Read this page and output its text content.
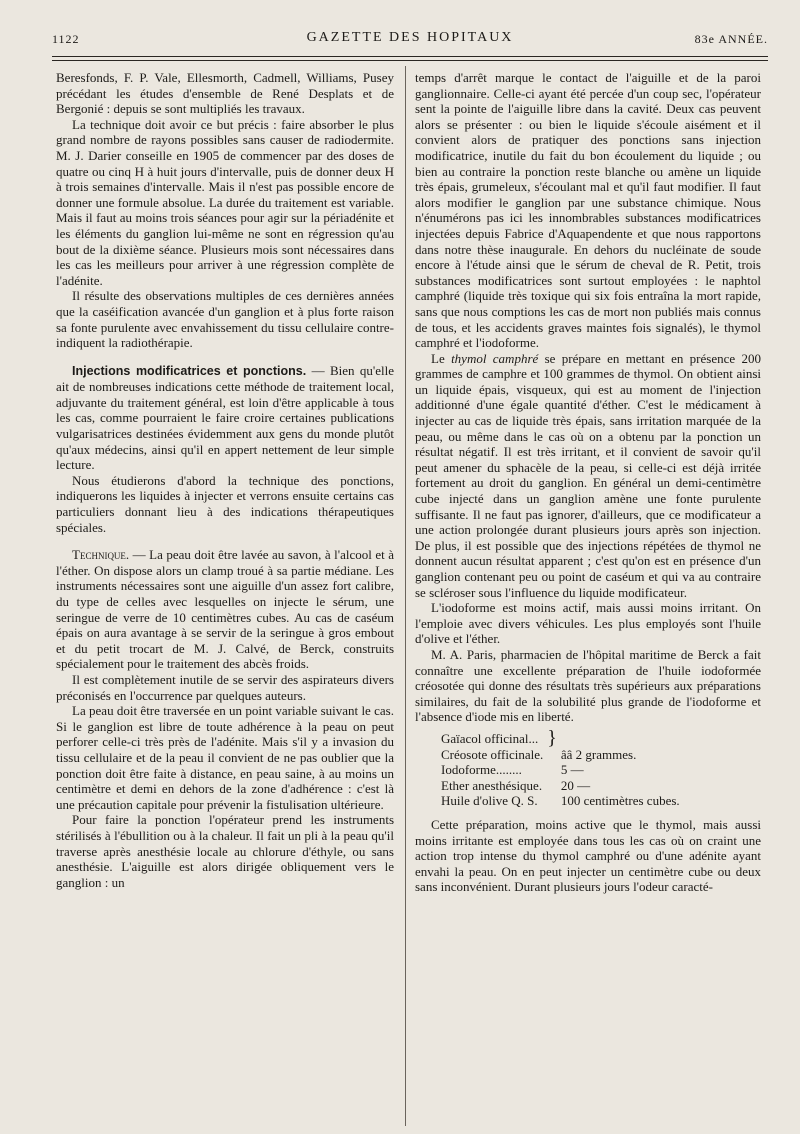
1122	GAZETTE DES HOPITAUX	83e ANNÉE.

Beresfonds, F. P. Vale, Ellesmorth, Cadmell, Williams, Pusey précédant les études d'ensemble de René Desplats et de Bergonié : depuis se sont multipliés les travaux.

La technique doit avoir ce but précis : faire absorber le plus grand nombre de rayons possibles sans causer de radiodermite. M. J. Darier conseille en 1905 de commencer par des doses de quatre ou cinq H à huit jours d'intervalle, puis de donner deux H à trois semaines d'intervalle. Mais il n'est pas possible encore de donner une formule absolue. La durée du traitement est variable. Mais il faut au moins trois séances pour agir sur la périadénite et les éléments du ganglion lui-même ne sont en régression qu'au bout de la dixième séance. Plusieurs mois sont nécessaires dans les cas les meilleurs pour arriver à une régression complète de l'adénite.

Il résulte des observations multiples de ces dernières années que la caséification avancée d'un ganglion et à plus forte raison sa fonte purulente avec envahissement du tissu cellulaire contre-indiquent la radiothérapie.

Injections modificatrices et ponctions. — Bien qu'elle ait de nombreuses indications cette méthode de traitement local, adjuvante du traitement général, est loin d'être applicable à tous les cas, comme pourraient le faire croire certaines publications vulgarisatrices destinées évidemment aux gens du monde plutôt qu'aux médecins, ainsi qu'il en appert nettement de leur simple lecture.

Nous étudierons d'abord la technique des ponctions, indiquerons les liquides à injecter et verrons ensuite certains cas particuliers donnant lieu à des indications thérapeutiques spéciales.

Technique. — La peau doit être lavée au savon, à l'alcool et à l'éther. On dispose alors un clamp troué à sa partie médiane. Les instruments nécessaires sont une aiguille d'un assez fort calibre, du type de celles avec lesquelles on injecte le sérum, une seringue de verre de 10 centimètres cubes. Au cas de caséum épais on aura avantage à se servir de la seringue à gros embout et du petit trocart de M. J. Calvé, de Berck, construits spécialement pour le traitement des abcès froids.

Il est complètement inutile de se servir des aspirateurs divers préconisés en l'occurrence par quelques auteurs.

La peau doit être traversée en un point variable suivant le cas. Si le ganglion est libre de toute adhérence à la peau on peut perforer celle-ci très près de l'adénite. Mais s'il y a invasion du tissu cellulaire et de la peau il convient de ne pas oublier que la ponction doit être faite à distance, en peau saine, à au moins un centimètre et demi en dehors de la zone d'adhérence : c'est là une précaution capitale pour prévenir la fistulisation ultérieure.

Pour faire la ponction l'opérateur prend les instruments stérilisés à l'ébullition ou à la chaleur. Il fait un pli à la peau qu'il traverse après anesthésie locale au chlorure d'éthyle, ou sans anesthésie. L'aiguille est alors dirigée obliquement vers le ganglion : un

temps d'arrêt marque le contact de l'aiguille et de la paroi ganglionnaire. Celle-ci ayant été percée d'un coup sec, l'opérateur sent la pointe de l'aiguille libre dans la cavité. Deux cas peuvent alors se présenter : ou bien le liquide s'écoule aisément et il convient alors de pratiquer des ponctions sans injection modificatrice, inutile du fait du bon écoulement du liquide ; ou bien au contraire la ponction reste blanche ou amène un liquide très épais, grumeleux, s'écoulant mal et qu'il faut modifier. Il faut alors modifier le ganglion par une substance chimique. Nous n'énumérons pas ici les innombrables substances modificatrices injectées depuis Fabrice d'Aquapendente et que nous rapportons dans notre thèse inaugurale. En dehors du nucléinate de soude encore à l'étude ainsi que le sérum de cheval de R. Petit, trois substances modificatrices sont surtout employées : le naphtol camphré (liquide très toxique qui six fois entraîna la mort rapide, sans que nous comptions les cas de mort non publiés mais connus de tous, et les accidents graves maintes fois signalés), le thymol camphré et l'iodoforme.

Le thymol camphré se prépare en mettant en présence 200 grammes de camphre et 100 grammes de thymol. On obtient ainsi un liquide épais, visqueux, qui est au moment de l'injection additionné d'une égale quantité d'éther. C'est le médicament à injecter au cas de liquide très épais, sans irritation marquée de la peau, ou même dans le cas où on a obtenu par la ponction un résultat négatif. Il est très irritant, et il convient de savoir qu'il peut amener du sphacèle de la peau, si celle-ci est déjà irritée fortement au droit du ganglion. En général un demi-centimètre cube injecté dans un ganglion amène une fonte purulente suffisante. Il ne faut pas ignorer, d'ailleurs, que ce modificateur a une action prolongée durant plusieurs jours après son injection. De plus, il est possible que des injections répétées de thymol ne donnent aucun résultat apparent ; c'est qu'on est en présence d'un ganglion contenant peu ou point de caséum et qui va au contraire se scléroser sous l'influence du liquide modificateur.

L'iodoforme est moins actif, mais aussi moins irritant. On l'emploie avec divers véhicules. Les plus employés sont l'huile d'olive et l'éther.

M. A. Paris, pharmacien de l'hôpital maritime de Berck a fait connaître une excellente préparation de l'huile iodoformée créosotée qui donne des résultats très supérieurs aux préparations similaires, du fait de la solubilité plus grande de l'iodoforme et l'absence d'iode mis en liberté.

Gaïacol officinal...	}	
Créosote officinale.		ââ 2 grammes.
Iodoforme........		5 —
Ether anesthésique.		20 —
Huile d'olive Q. S.		100 centimètres cubes.

Cette préparation, moins active que le thymol, mais aussi moins irritante est employée dans tous les cas où on craint une action trop intense du thymol camphré ou d'une adénite ayant envahi la peau. On en peut injecter un centimètre cube ou deux sans inconvénient. Durant plusieurs jours l'odeur caracté-
